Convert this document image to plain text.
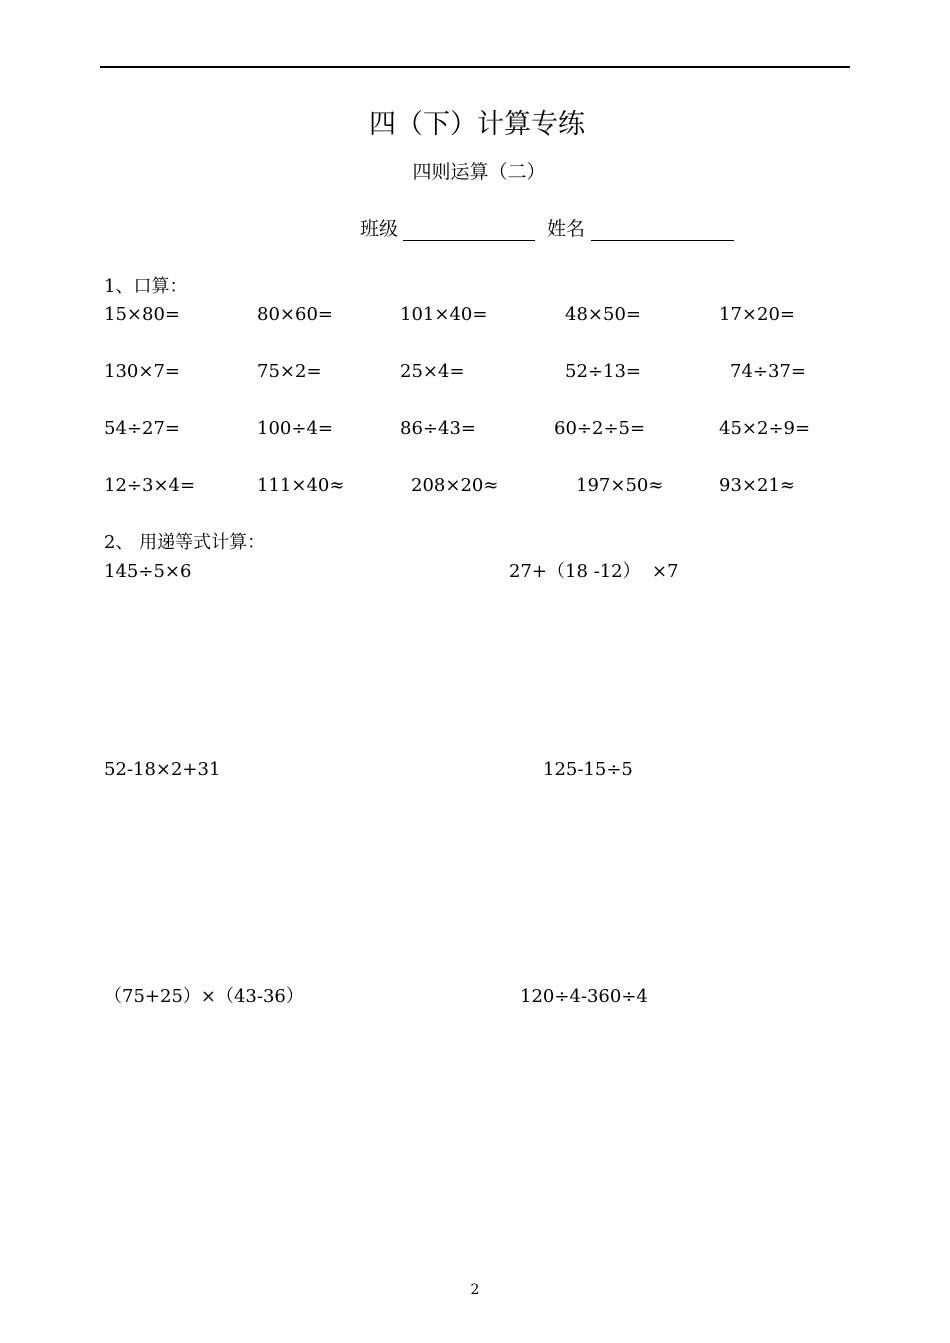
四（下）计算专练
四则运算（二）
班级	姓名
1、口算：
15×80=	80×60=	101×40=	48×50=	17×20=
130×7=	75×2=	25×4=	52÷13=	74÷37=
54÷27=	100÷4=	86÷43=	60÷2÷5=	45×2÷9=
12÷3×4=	111×40≈	208×20≈	197×50≈	93×21≈
2、 用递等式计算：
145÷5×6	27+（18 -12）  ×7
52-18×2+31	125-15÷5
（75+25）×（43-36）	120÷4-360÷4
2
